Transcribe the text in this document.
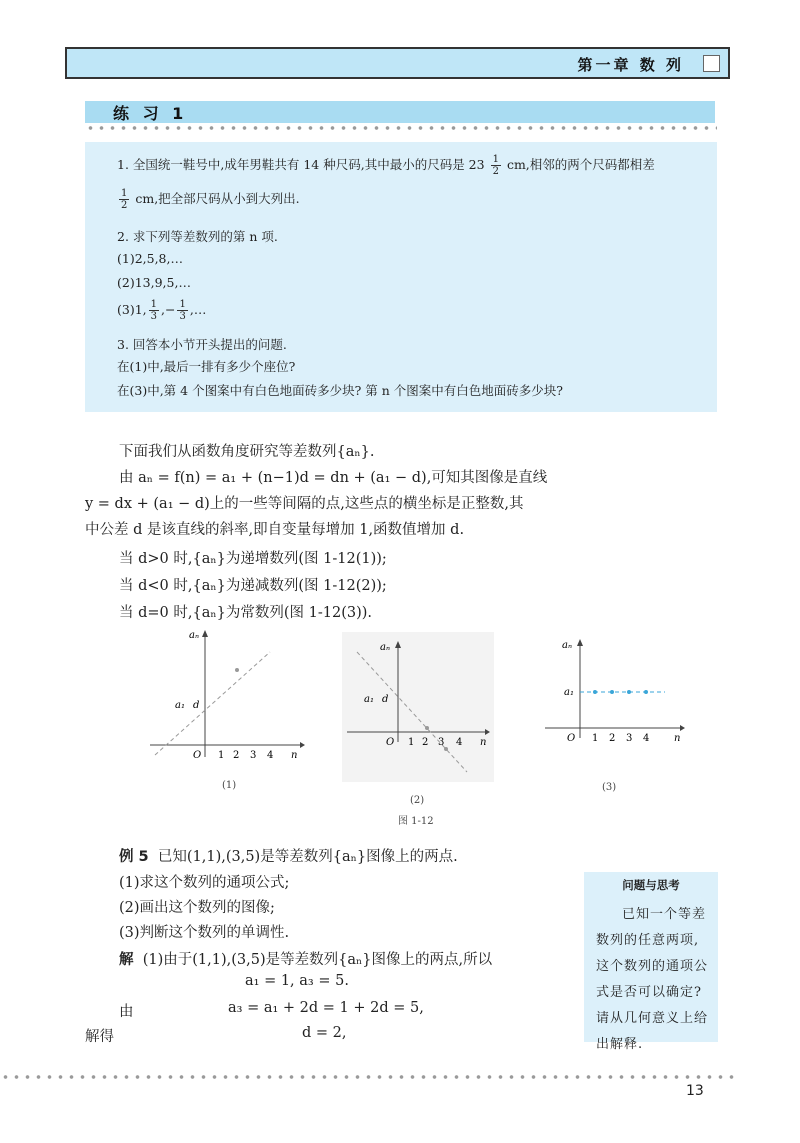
第一章 数 列
练 习 1
1. 全国统一鞋号中,成年男鞋共有 14 种尺码,其中最小的尺码是 $23 \frac{1}{2}$ cm,相邻的两个尺码都相差
$\frac{1}{2}$ cm,把全部尺码从小到大列出.
2. 求下列等差数列的第 n 项.
(1)2,5,8,…
(2)13,9,5,…
(3)1, $\frac{1}{3}$ ,− $\frac{1}{3}$ ,…
3. 回答本小节开头提出的问题.
在(1)中,最后一排有多少个座位?
在(3)中,第 4 个图案中有白色地面砖多少块? 第 n 个图案中有白色地面砖多少块?
下面我们从函数角度研究等差数列{aₙ}.
由 aₙ = f(n) = a₁ + (n−1)d = dn + (a₁ − d),可知其图像是直线
y = dx + (a₁ − d)上的一些等间隔的点,这些点的横坐标是正整数,其
中公差 d 是该直线的斜率,即自变量每增加 1,函数值增加 d.
当 d>0 时,{aₙ}为递增数列(图 1-12(1));
当 d<0 时,{aₙ}为递减数列(图 1-12(2));
当 d=0 时,{aₙ}为常数列(图 1-12(3)).
aₙ
n
O
a₁ d
1 2 3 4
(1)
aₙ
n
O
a₁ d
1 2 3 4
(2)
图 1-12
aₙ
n
O
a₁
1 2 3 4
(3)
例 5 已知(1,1),(3,5)是等差数列{aₙ}图像上的两点.
(1)求这个数列的通项公式;
(2)画出这个数列的图像;
(3)判断这个数列的单调性.
解 (1)由于(1,1),(3,5)是等差数列{aₙ}图像上的两点,所以
a₁ = 1, a₃ = 5.
由	a₃ = a₁ + 2d = 1 + 2d = 5,
解得	d = 2,
问题与思考
已知一个等差数列的任意两项,这个数列的通项公式是否可以确定?请从几何意义上给出解释.
13
